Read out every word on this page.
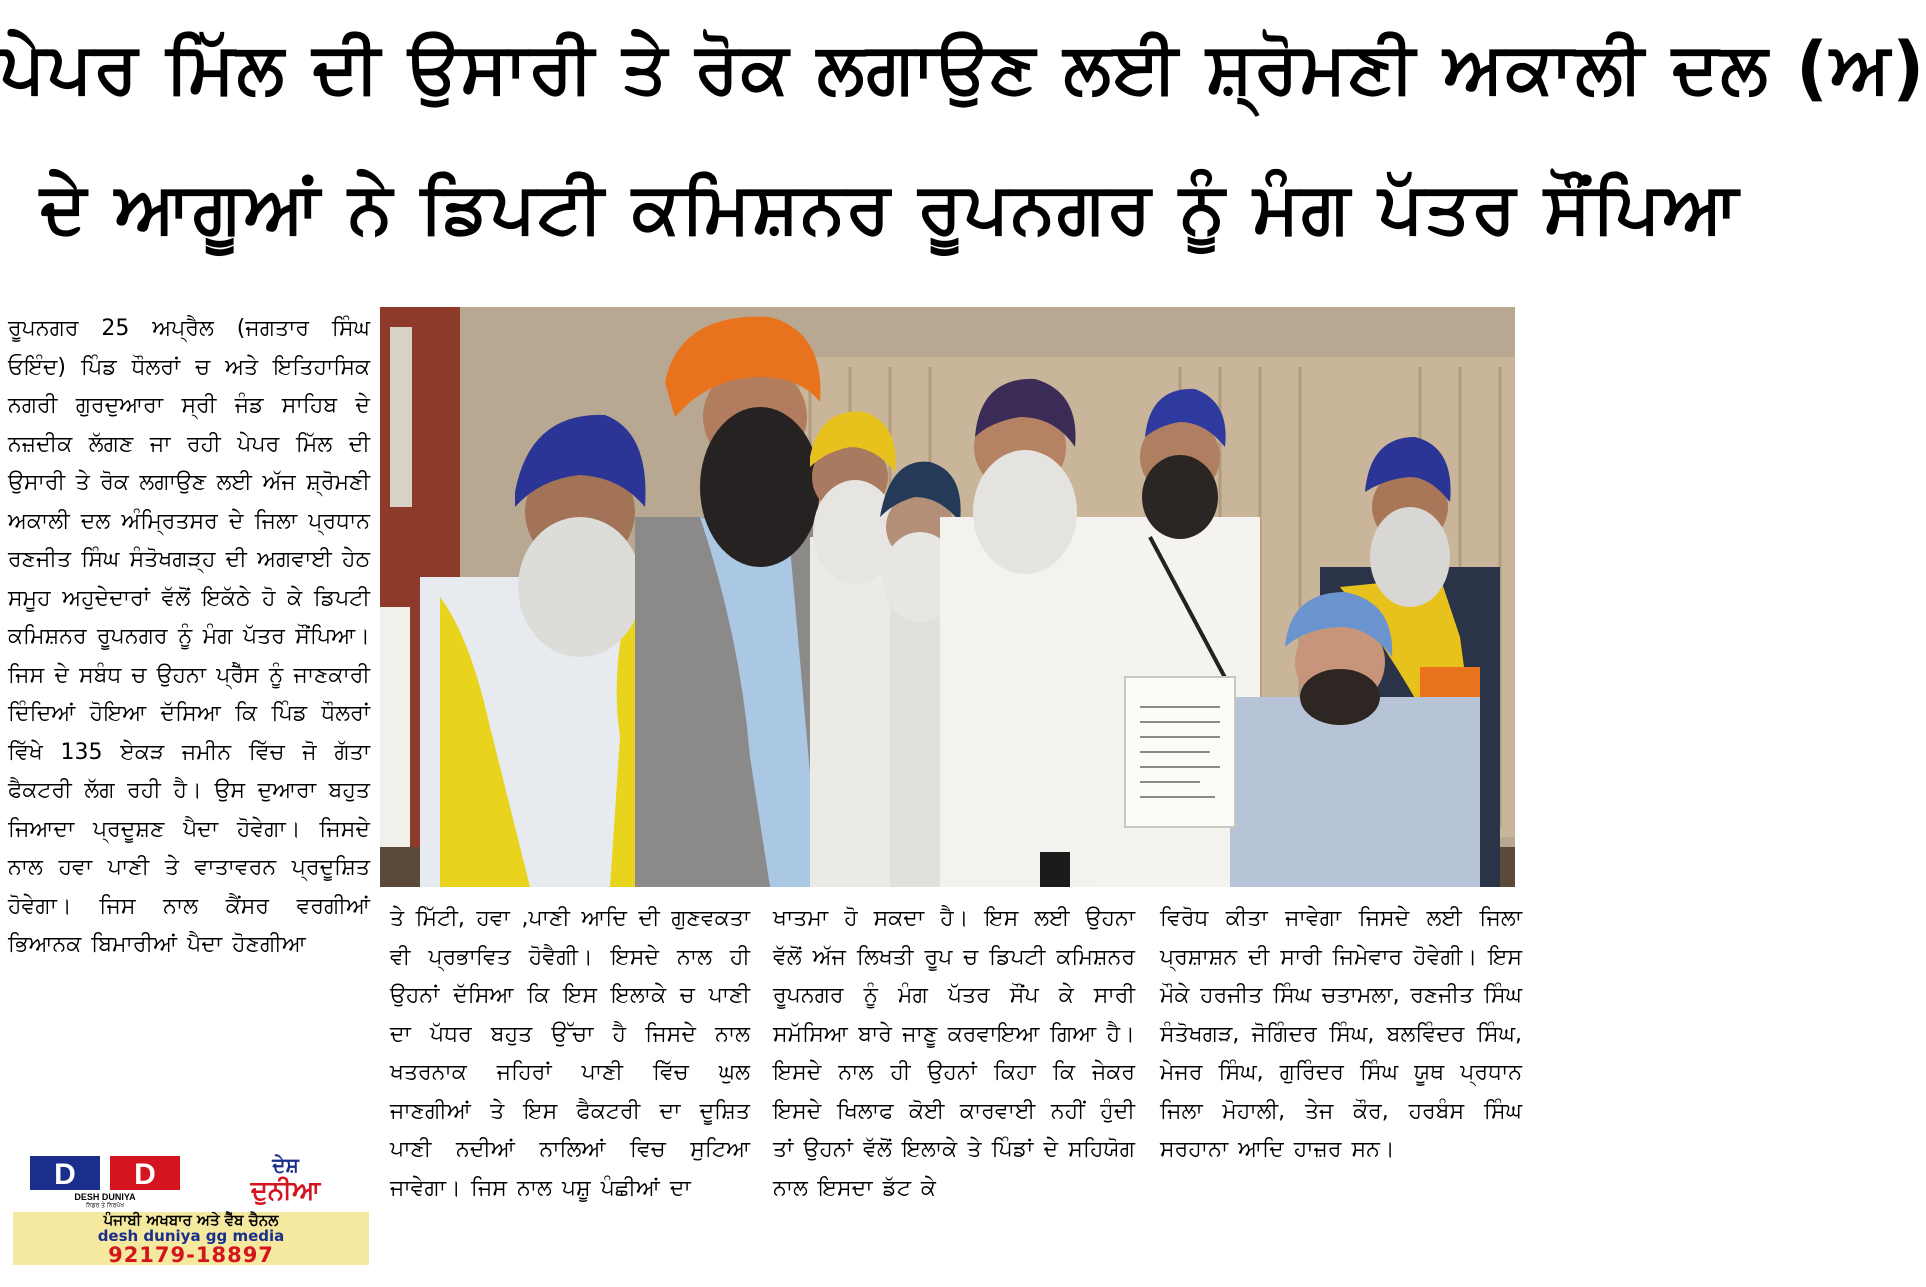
ਪੇਪਰ ਮਿੱਲ ਦੀ ਉਸਾਰੀ ਤੇ ਰੋਕ ਲਗਾਉਣ ਲਈ ਸ਼੍ਰੋਮਣੀ ਅਕਾਲੀ ਦਲ (ਅ)
ਦੇ ਆਗੂਆਂ ਨੇ ਡਿਪਟੀ ਕਮਿਸ਼ਨਰ ਰੂਪਨਗਰ ਨੂੰ ਮੰਗ ਪੱਤਰ ਸੌਂਪਿਆ
ਰੂਪਨਗਰ 25 ਅਪ੍ਰੈਲ (ਜਗਤਾਰ ਸਿੰਘ ਓਇੰਦ) ਪਿੰਡ ਧੌਲਰਾਂ ਚ ਅਤੇ ਇਤਿਹਾਸਿਕ ਨਗਰੀ ਗੁਰਦੁਆਰਾ ਸ੍ਰੀ ਜੰਡ ਸਾਹਿਬ ਦੇ ਨਜ਼ਦੀਕ ਲੱਗਣ ਜਾ ਰਹੀ ਪੇਪਰ ਮਿੱਲ ਦੀ ਉਸਾਰੀ ਤੇ ਰੋਕ ਲਗਾਉਣ ਲਈ ਅੱਜ ਸ਼੍ਰੋਮਣੀ ਅਕਾਲੀ ਦਲ ਅੰਮ੍ਰਿਤਸਰ ਦੇ ਜਿਲਾ ਪ੍ਰਧਾਨ ਰਣਜੀਤ ਸਿੰਘ ਸੰਤੋਖਗੜ੍ਹ ਦੀ ਅਗਵਾਈ ਹੇਠ ਸਮੂਹ ਅਹੁਦੇਦਾਰਾਂ ਵੱਲੋਂ ਇਕੱਠੇ ਹੋ ਕੇ ਡਿਪਟੀ ਕਮਿਸ਼ਨਰ ਰੂਪਨਗਰ ਨੂੰ ਮੰਗ ਪੱਤਰ ਸੌਂਪਿਆ। ਜਿਸ ਦੇ ਸਬੰਧ ਚ ਉਹਨਾ ਪ੍ਰੈੱਸ ਨੂੰ ਜਾਣਕਾਰੀ ਦਿੰਦਿਆਂ ਹੋਇਆ ਦੱਸਿਆ ਕਿ ਪਿੰਡ ਧੌਲਰਾਂ ਵਿੱਖੇ 135 ਏਕੜ ਜਮੀਨ ਵਿੱਚ ਜੋ ਗੱਤਾ ਫੈਕਟਰੀ ਲੱਗ ਰਹੀ ਹੈ। ਉਸ ਦੁਆਰਾ ਬਹੁਤ ਜਿਆਦਾ ਪ੍ਰਦੂਸ਼ਣ ਪੈਦਾ ਹੋਵੇਗਾ। ਜਿਸਦੇ ਨਾਲ ਹਵਾ ਪਾਣੀ ਤੇ ਵਾਤਾਵਰਨ ਪ੍ਰਦੂਸ਼ਿਤ ਹੋਵੇਗਾ। ਜਿਸ ਨਾਲ ਕੈਂਸਰ ਵਰਗੀਆਂ ਭਿਆਨਕ ਬਿਮਾਰੀਆਂ ਪੈਦਾ ਹੋਣਗੀਆ
ਤੇ ਮਿੱਟੀ, ਹਵਾ ,ਪਾਣੀ ਆਦਿ ਦੀ ਗੁਣਵਕਤਾ ਵੀ ਪ੍ਰਭਾਵਿਤ ਹੋਵੈਗੀ। ਇਸਦੇ ਨਾਲ ਹੀ ਉਹਨਾਂ ਦੱਸਿਆ ਕਿ ਇਸ ਇਲਾਕੇ ਚ ਪਾਣੀ ਦਾ ਪੱਧਰ ਬਹੁਤ ਉੱਚਾ ਹੈ ਜਿਸਦੇ ਨਾਲ ਖਤਰਨਾਕ ਜਹਿਰਾਂ ਪਾਣੀ ਵਿੱਚ ਘੁਲ ਜਾਣਗੀਆਂ ਤੇ ਇਸ ਫੈਕਟਰੀ ਦਾ ਦੂਸ਼ਿਤ ਪਾਣੀ ਨਦੀਆਂ ਨਾਲਿਆਂ ਵਿਚ ਸੁਟਿਆ ਜਾਵੇਗਾ। ਜਿਸ ਨਾਲ ਪਸ਼ੂ ਪੰਛੀਆਂ ਦਾ
ਖਾਤਮਾ ਹੋ ਸਕਦਾ ਹੈ। ਇਸ ਲਈ ਉਹਨਾ ਵੱਲੋਂ ਅੱਜ ਲਿਖਤੀ ਰੂਪ ਚ ਡਿਪਟੀ ਕਮਿਸ਼ਨਰ ਰੂਪਨਗਰ ਨੂੰ ਮੰਗ ਪੱਤਰ ਸੌਂਪ ਕੇ ਸਾਰੀ ਸਮੱਸਿਆ ਬਾਰੇ ਜਾਣੂ ਕਰਵਾਇਆ ਗਿਆ ਹੈ। ਇਸਦੇ ਨਾਲ ਹੀ ਉਹਨਾਂ ਕਿਹਾ ਕਿ ਜੇਕਰ ਇਸਦੇ ਖਿਲਾਫ ਕੋਈ ਕਾਰਵਾਈ ਨਹੀਂ ਹੁੰਦੀ ਤਾਂ ਉਹਨਾਂ ਵੱਲੋਂ ਇਲਾਕੇ ਤੇ ਪਿੰਡਾਂ ਦੇ ਸਹਿਯੋਗ ਨਾਲ ਇਸਦਾ ਡੱਟ ਕੇ
ਵਿਰੋਧ ਕੀਤਾ ਜਾਵੇਗਾ ਜਿਸਦੇ ਲਈ ਜਿਲਾ ਪ੍ਰਸ਼ਾਸ਼ਨ ਦੀ ਸਾਰੀ ਜਿਮੇਵਾਰ ਹੋਵੇਗੀ। ਇਸ ਮੌਕੇ ਹਰਜੀਤ ਸਿੰਘ ਚਤਾਮਲਾ, ਰਣਜੀਤ ਸਿੰਘ ਸੰਤੋਖਗੜ, ਜੋਗਿੰਦਰ ਸਿੰਘ, ਬਲਵਿੰਦਰ ਸਿੰਘ, ਮੇਜਰ ਸਿੰਘ, ਗੁਰਿੰਦਰ ਸਿੰਘ ਯੂਥ ਪ੍ਰਧਾਨ ਜਿਲਾ ਮੋਹਾਲੀ, ਤੇਜ ਕੌਰ, ਹਰਬੰਸ ਸਿੰਘ ਸਰਹਾਨਾ ਆਦਿ ਹਾਜ਼ਰ ਸਨ।
D D
DESH DUNIYA
ਨਿਡਰ ਤੇ ਨਿਰਪੱਖ
ਦੇਸ਼
ਦੁਨੀਆ
ਪੰਜਾਬੀ ਅਖਬਾਰ ਅਤੇ ਵੈੱਬ ਚੈਨਲ
desh duniya gg media
92179-18897
